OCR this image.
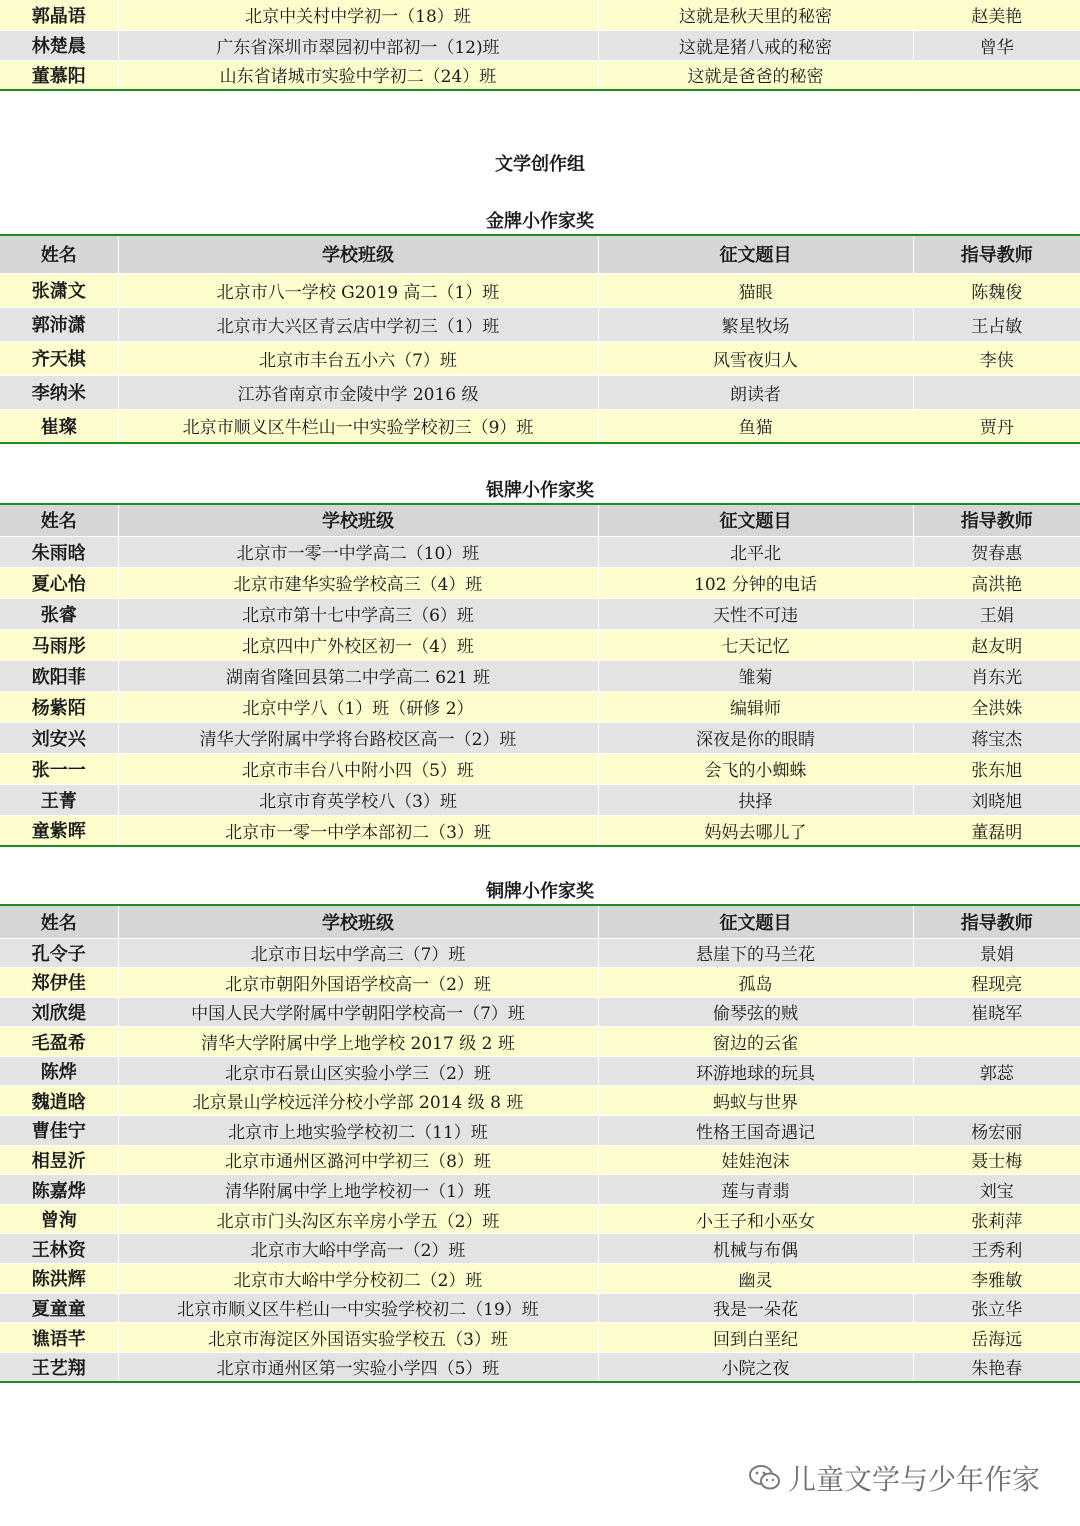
郭晶语	北京中关村中学初一（18）班	这就是秋天里的秘密	赵美艳
林楚晨	广东省深圳市翠园初中部初一（12)班	这就是猪八戒的秘密	曾华
董慕阳	山东省诸城市实验中学初二（24）班	这就是爸爸的秘密	
文学创作组
金牌小作家奖
姓名	学校班级	征文题目	指导教师
张潇文	北京市八一学校 G2019 高二（1）班	猫眼	陈魏俊
郭沛潇	北京市大兴区青云店中学初三（1）班	繁星牧场	王占敏
齐天棋	北京市丰台五小六（7）班	风雪夜归人	李侠
李纳米	江苏省南京市金陵中学 2016 级	朗读者	
崔璨	北京市顺义区牛栏山一中实验学校初三（9）班	鱼猫	贾丹
银牌小作家奖
姓名	学校班级	征文题目	指导教师
朱雨晗	北京市一零一中学高二（10）班	北平北	贺春惠
夏心怡	北京市建华实验学校高三（4）班	102 分钟的电话	高洪艳
张睿	北京市第十七中学高三（6）班	天性不可违	王娟
马雨彤	北京四中广外校区初一（4）班	七天记忆	赵友明
欧阳菲	湖南省隆回县第二中学高二 621 班	雏菊	肖东光
杨紫陌	北京中学八（1）班（研修 2）	编辑师	全洪姝
刘安兴	清华大学附属中学将台路校区高一（2）班	深夜是你的眼睛	蒋宝杰
张一一	北京市丰台八中附小四（5）班	会飞的小蜘蛛	张东旭
王菁	北京市育英学校八（3）班	抉择	刘晓旭
童紫晖	北京市一零一中学本部初二（3）班	妈妈去哪儿了	董磊明
铜牌小作家奖
姓名	学校班级	征文题目	指导教师
孔令子	北京市日坛中学高三（7）班	悬崖下的马兰花	景娟
郑伊佳	北京市朝阳外国语学校高一（2）班	孤岛	程现亮
刘欣缇	中国人民大学附属中学朝阳学校高一（7）班	偷琴弦的贼	崔晓军
毛盈希	清华大学附属中学上地学校 2017 级 2 班	窗边的云雀	
陈烨	北京市石景山区实验小学三（2）班	环游地球的玩具	郭蕊
魏逍晗	北京景山学校远洋分校小学部 2014 级 8 班	蚂蚁与世界	
曹佳宁	北京市上地实验学校初二（11）班	性格王国奇遇记	杨宏丽
相昱沂	北京市通州区潞河中学初三（8）班	娃娃泡沫	聂士梅
陈嘉烨	清华附属中学上地学校初一（1）班	莲与青翡	刘宝
曾洵	北京市门头沟区东辛房小学五（2）班	小王子和小巫女	张莉萍
王林资	北京市大峪中学高一（2）班	机械与布偶	王秀利
陈洪辉	北京市大峪中学分校初二（2）班	幽灵	李雅敏
夏童童	北京市顺义区牛栏山一中实验学校初二（19）班	我是一朵花	张立华
谯语芊	北京市海淀区外国语实验学校五（3）班	回到白垩纪	岳海远
王艺翔	北京市通州区第一实验小学四（5）班	小院之夜	朱艳春
儿童文学与少年作家
